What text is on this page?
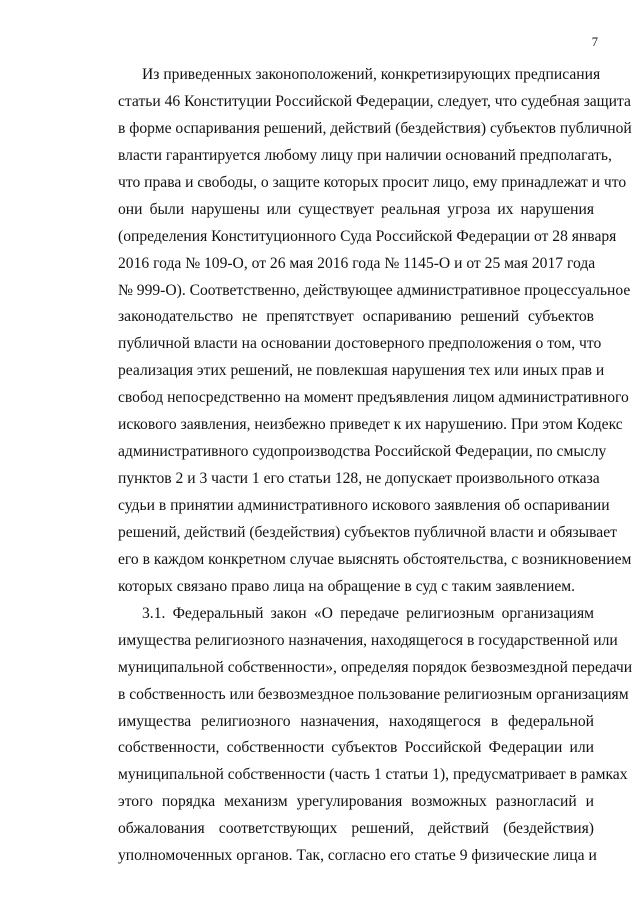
7
Из приведенных законоположений, конкретизирующих предписания
статьи 46 Конституции Российской Федерации, следует, что судебная защита
в форме оспаривания решений, действий (бездействия) субъектов публичной
власти гарантируется любому лицу при наличии оснований предполагать,
что права и свободы, о защите которых просит лицо, ему принадлежат и что
они были нарушены или существует реальная угроза их нарушения
(определения Конституционного Суда Российской Федерации от 28 января
2016 года № 109-О, от 26 мая 2016 года № 1145-О и от 25 мая 2017 года
№ 999-О). Соответственно, действующее административное процессуальное
законодательство не препятствует оспариванию решений субъектов
публичной власти на основании достоверного предположения о том, что
реализация этих решений, не повлекшая нарушения тех или иных прав и
свобод непосредственно на момент предъявления лицом административного
искового заявления, неизбежно приведет к их нарушению. При этом Кодекс
административного судопроизводства Российской Федерации, по смыслу
пунктов 2 и 3 части 1 его статьи 128, не допускает произвольного отказа
судьи в принятии административного искового заявления об оспаривании
решений, действий (бездействия) субъектов публичной власти и обязывает
его в каждом конкретном случае выяснять обстоятельства, с возникновением
которых связано право лица на обращение в суд с таким заявлением.
3.1. Федеральный закон «О передаче религиозным организациям
имущества религиозного назначения, находящегося в государственной или
муниципальной собственности», определяя порядок безвозмездной передачи
в собственность или безвозмездное пользование религиозным организациям
имущества религиозного назначения, находящегося в федеральной
собственности, собственности субъектов Российской Федерации или
муниципальной собственности (часть 1 статьи 1), предусматривает в рамках
этого порядка механизм урегулирования возможных разногласий и
обжалования соответствующих решений, действий (бездействия)
уполномоченных органов. Так, согласно его статье 9 физические лица и
